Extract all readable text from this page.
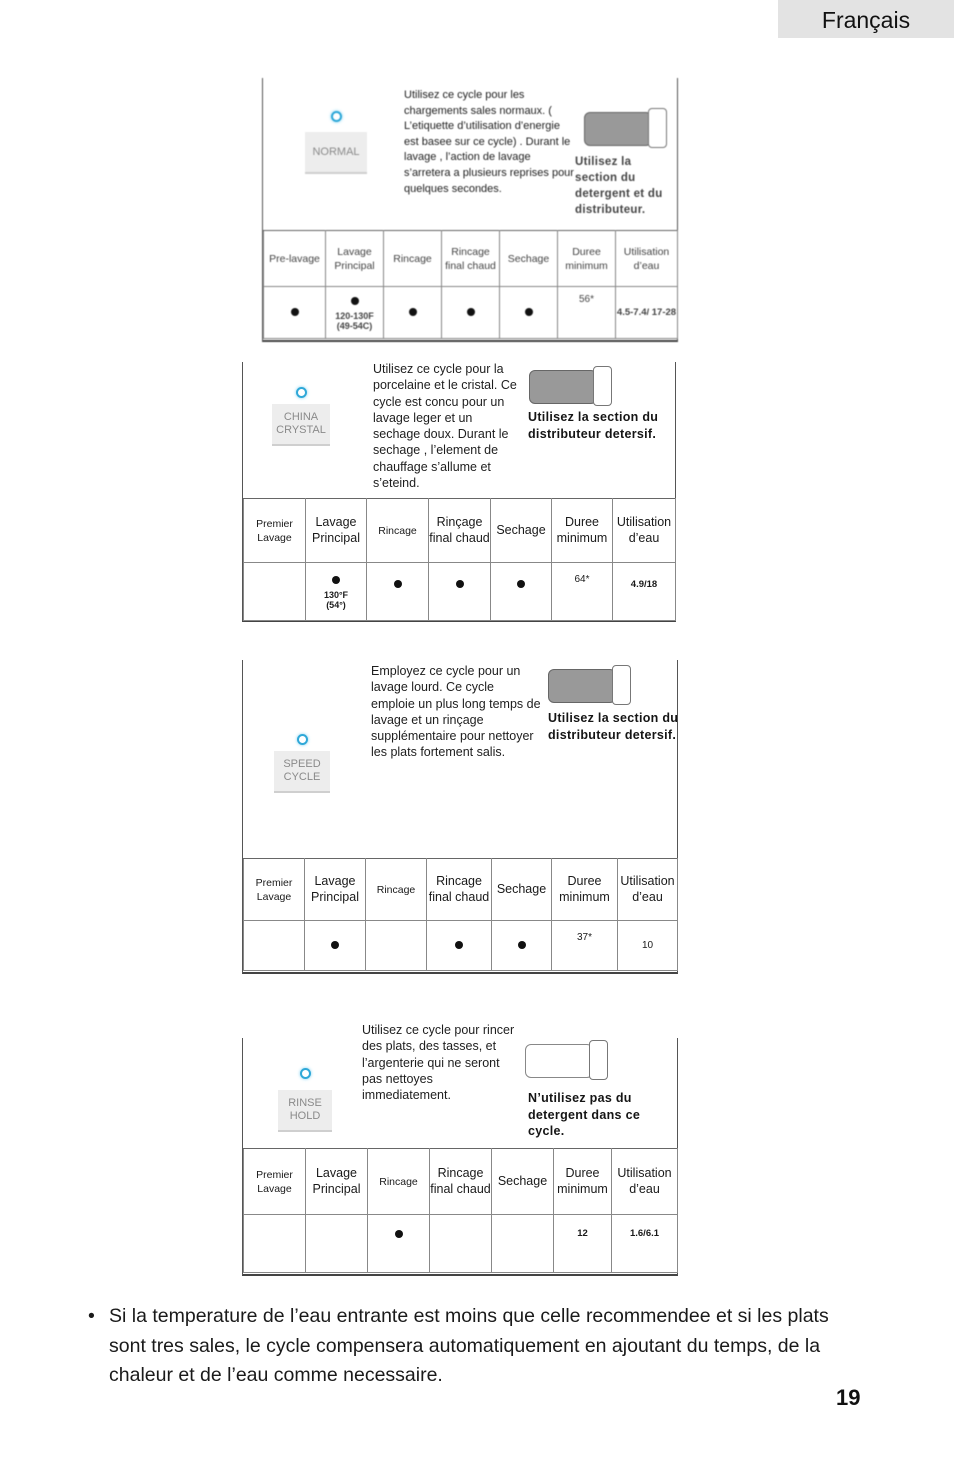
Français
NORMAL
Utilisez ce cycle pour les chargements sales normaux. ( L’etiquette d’utilisation d’energie est basee sur ce cycle) . Durant le lavage , l’action de lavage s’arretera a plusieurs reprises pour quelques secondes.
Utilisez la section du detergent et du distributeur.
Pre-lavage	Lavage Principal	Rincage	Rincage final chaud	Sechage	Duree minimum	Utilisation d’eau

	120-130F (49-54C)				56*	4.5-7.4/ 17-28
CHINA
CRYSTAL
Utilisez ce cycle pour la porcelaine et le cristal. Ce cycle est concu pour un lavage leger et un sechage doux. Durant le sechage , l’element de chauffage s’allume et s’eteind.
Utilisez la section du distributeur detersif.
Premier Lavage	Lavage Principal	Rincage	Rinçage final chaud	Sechage	Duree minimum	Utilisation d’eau

	130°F (54°)				64*	4.9/18
SPEED
CYCLE
Employez ce cycle pour un lavage lourd. Ce cycle emploie un plus long temps de lavage et un rinçage supplémentaire pour nettoyer les plats fortement salis.
Utilisez la section du distributeur detersif.
Premier Lavage	Lavage Principal	Rincage	Rincage final chaud	Sechage	Duree minimum	Utilisation d’eau
					37*	10
RINSE
HOLD
Utilisez ce cycle pour rincer des plats, des tasses, et l’argenterie qui ne seront pas nettoyes immediatement.	N’utilisez pas du detergent dans ce cycle.
Premier Lavage	Lavage Principal	Rincage	Rincage final chaud	Sechage	Duree minimum	Utilisation d’eau
					12	1.6/6.1
• Si la temperature de l’eau entrante est moins que celle recommendee et si les plats sont tres sales, le cycle compensera automatiquement en ajoutant du temps, de la chaleur et de l’eau comme necessaire.
19
